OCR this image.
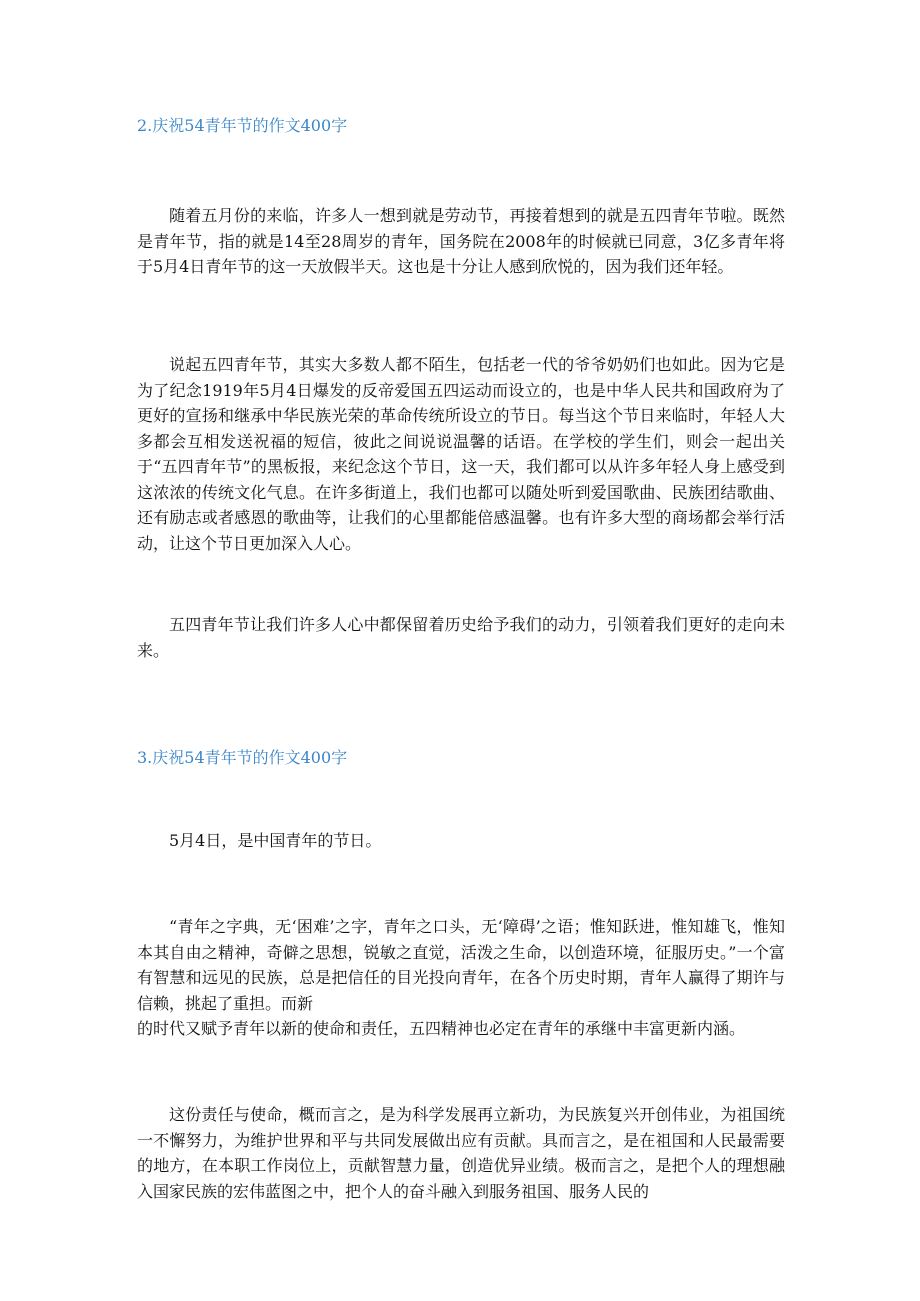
2.庆祝54青年节的作文400字
随着五月份的来临，许多人一想到就是劳动节，再接着想到的就是五四青年节啦。既然是青年节，指的就是14至28周岁的青年，国务院在2008年的时候就已同意，3亿多青年将于5月4日青年节的这一天放假半天。这也是十分让人感到欣悦的，因为我们还年轻。
说起五四青年节，其实大多数人都不陌生，包括老一代的爷爷奶奶们也如此。因为它是为了纪念1919年5月4日爆发的反帝爱国五四运动而设立的，也是中华人民共和国政府为了更好的宣扬和继承中华民族光荣的革命传统所设立的节日。每当这个节日来临时，年轻人大多都会互相发送祝福的短信，彼此之间说说温馨的话语。在学校的学生们，则会一起出关于“五四青年节”的黑板报，来纪念这个节日，这一天，我们都可以从许多年轻人身上感受到这浓浓的传统文化气息。在许多街道上，我们也都可以随处听到爱国歌曲、民族团结歌曲、还有励志或者感恩的歌曲等，让我们的心里都能倍感温馨。也有许多大型的商场都会举行活动，让这个节日更加深入人心。
五四青年节让我们许多人心中都保留着历史给予我们的动力，引领着我们更好的走向未来。
3.庆祝54青年节的作文400字
5月4日，是中国青年的节日。
“青年之字典，无‘困难’之字，青年之口头，无‘障碍’之语；惟知跃进，惟知雄飞，惟知本其自由之精神，奇僻之思想，锐敏之直觉，活泼之生命，以创造环境，征服历史。”一个富有智慧和远见的民族，总是把信任的目光投向青年，在各个历史时期，青年人赢得了期许与信赖，挑起了重担。而新
的时代又赋予青年以新的使命和责任，五四精神也必定在青年的承继中丰富更新内涵。
这份责任与使命，概而言之，是为科学发展再立新功，为民族复兴开创伟业，为祖国统一不懈努力，为维护世界和平与共同发展做出应有贡献。具而言之，是在祖国和人民最需要的地方，在本职工作岗位上，贡献智慧力量，创造优异业绩。极而言之，是把个人的理想融入国家民族的宏伟蓝图之中，把个人的奋斗融入到服务祖国、服务人民的
